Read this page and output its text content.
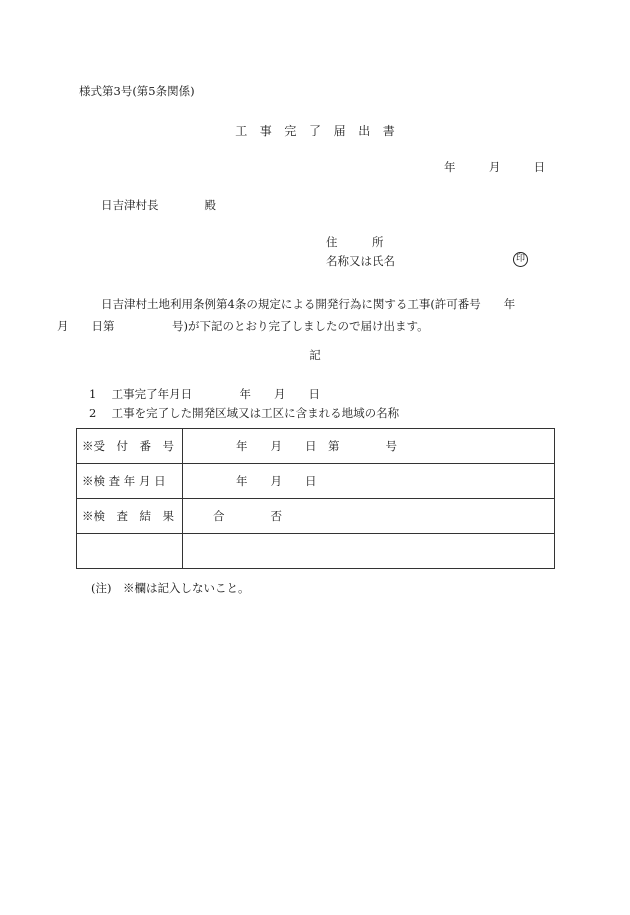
様式第3号(第5条関係)
工事完了届出書
年	月	日
日吉津村長	殿
住　　　所
名称又は氏名	印
日吉津村土地利用条例第4条の規定による開発行為に関する工事(許可番号　　年
月　　日第　　　　　号)が下記のとおり完了しましたので届け出ます。
記
1 工事完了年月日	年　　月　　日
2 工事を完了した開発区域又は工区に含まれる地域の名称
※受　付　番　号	年　　月　　日　第　　　　号
※検 査 年 月 日	年　　月　　日
※検　査　結　果	合　　　　否

(注)　※欄は記入しないこと。
